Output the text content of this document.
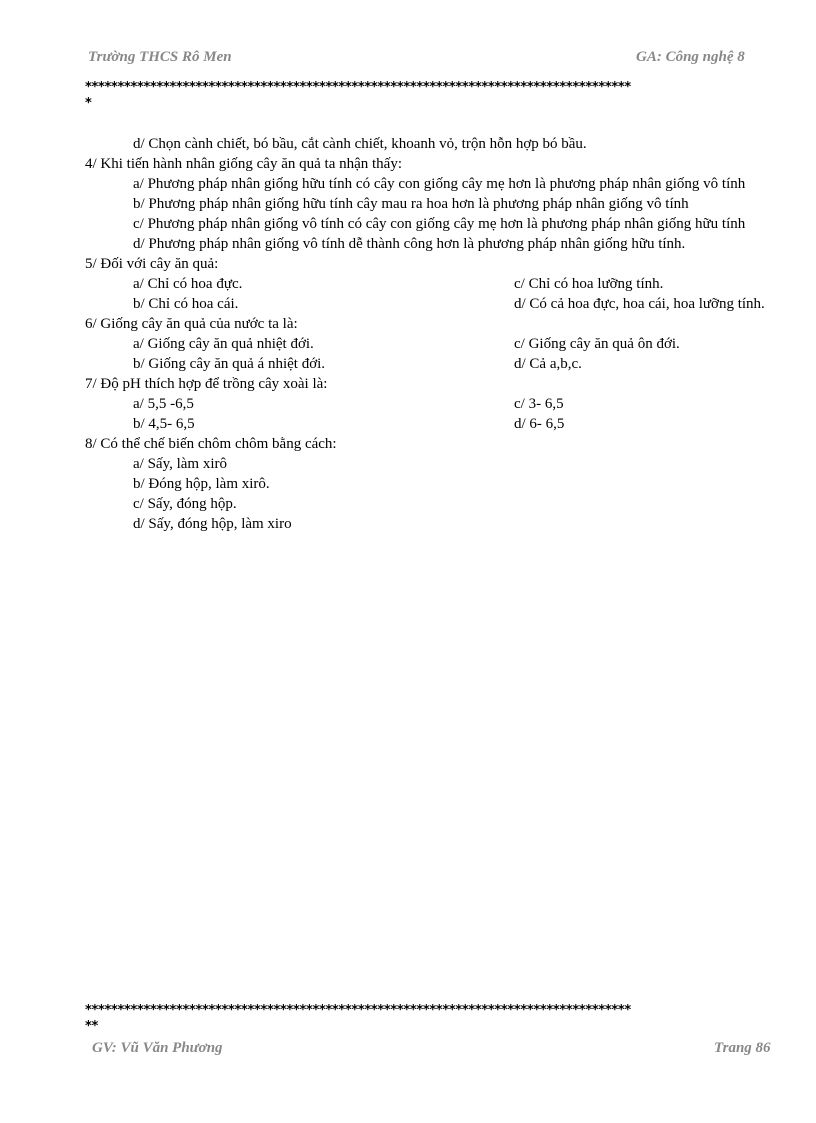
Trường THCS Rô Men	GA: Công nghệ 8
************************************************************************************
*
d/ Chọn cành chiết, bó bầu, cắt cành chiết, khoanh vỏ, trộn hỗn hợp bó bầu.
4/ Khi tiến hành nhân giống cây ăn quả ta nhận thấy:
a/ Phương pháp nhân giống hữu tính có cây con giống cây mẹ hơn là phương pháp nhân giống vô tính
b/ Phương pháp nhân giống hữu tính cây mau ra hoa hơn là phương pháp nhân giống vô tính
c/ Phương pháp nhân giống vô tính có cây con giống cây mẹ hơn là phương pháp nhân giống hữu tính
d/ Phương pháp nhân giống vô tính dễ thành công hơn là phương pháp nhân giống hữu tính.
5/ Đối với cây ăn quả:
a/ Chỉ có hoa đực.	c/ Chỉ có hoa lưỡng tính.
b/ Chỉ có hoa cái.	d/ Có cả hoa đực, hoa cái, hoa lưỡng tính.
6/ Giống cây ăn quả của nước ta là:
a/ Giống cây ăn quả nhiệt đới.	c/ Giống cây ăn quả ôn đới.
b/ Giống cây ăn quả á nhiệt đới.	d/ Cả a,b,c.
7/ Độ pH thích hợp để trồng cây xoài là:
a/ 5,5 -6,5	c/ 3- 6,5
b/ 4,5- 6,5	d/ 6- 6,5
8/ Có thể chế biến chôm chôm bằng cách:
a/ Sấy, làm xirô
b/ Đóng hộp, làm xirô.
c/ Sấy, đóng hộp.
d/ Sấy, đóng hộp, làm xiro
************************************************************************************
**
GV: Vũ Văn Phương	Trang 86
